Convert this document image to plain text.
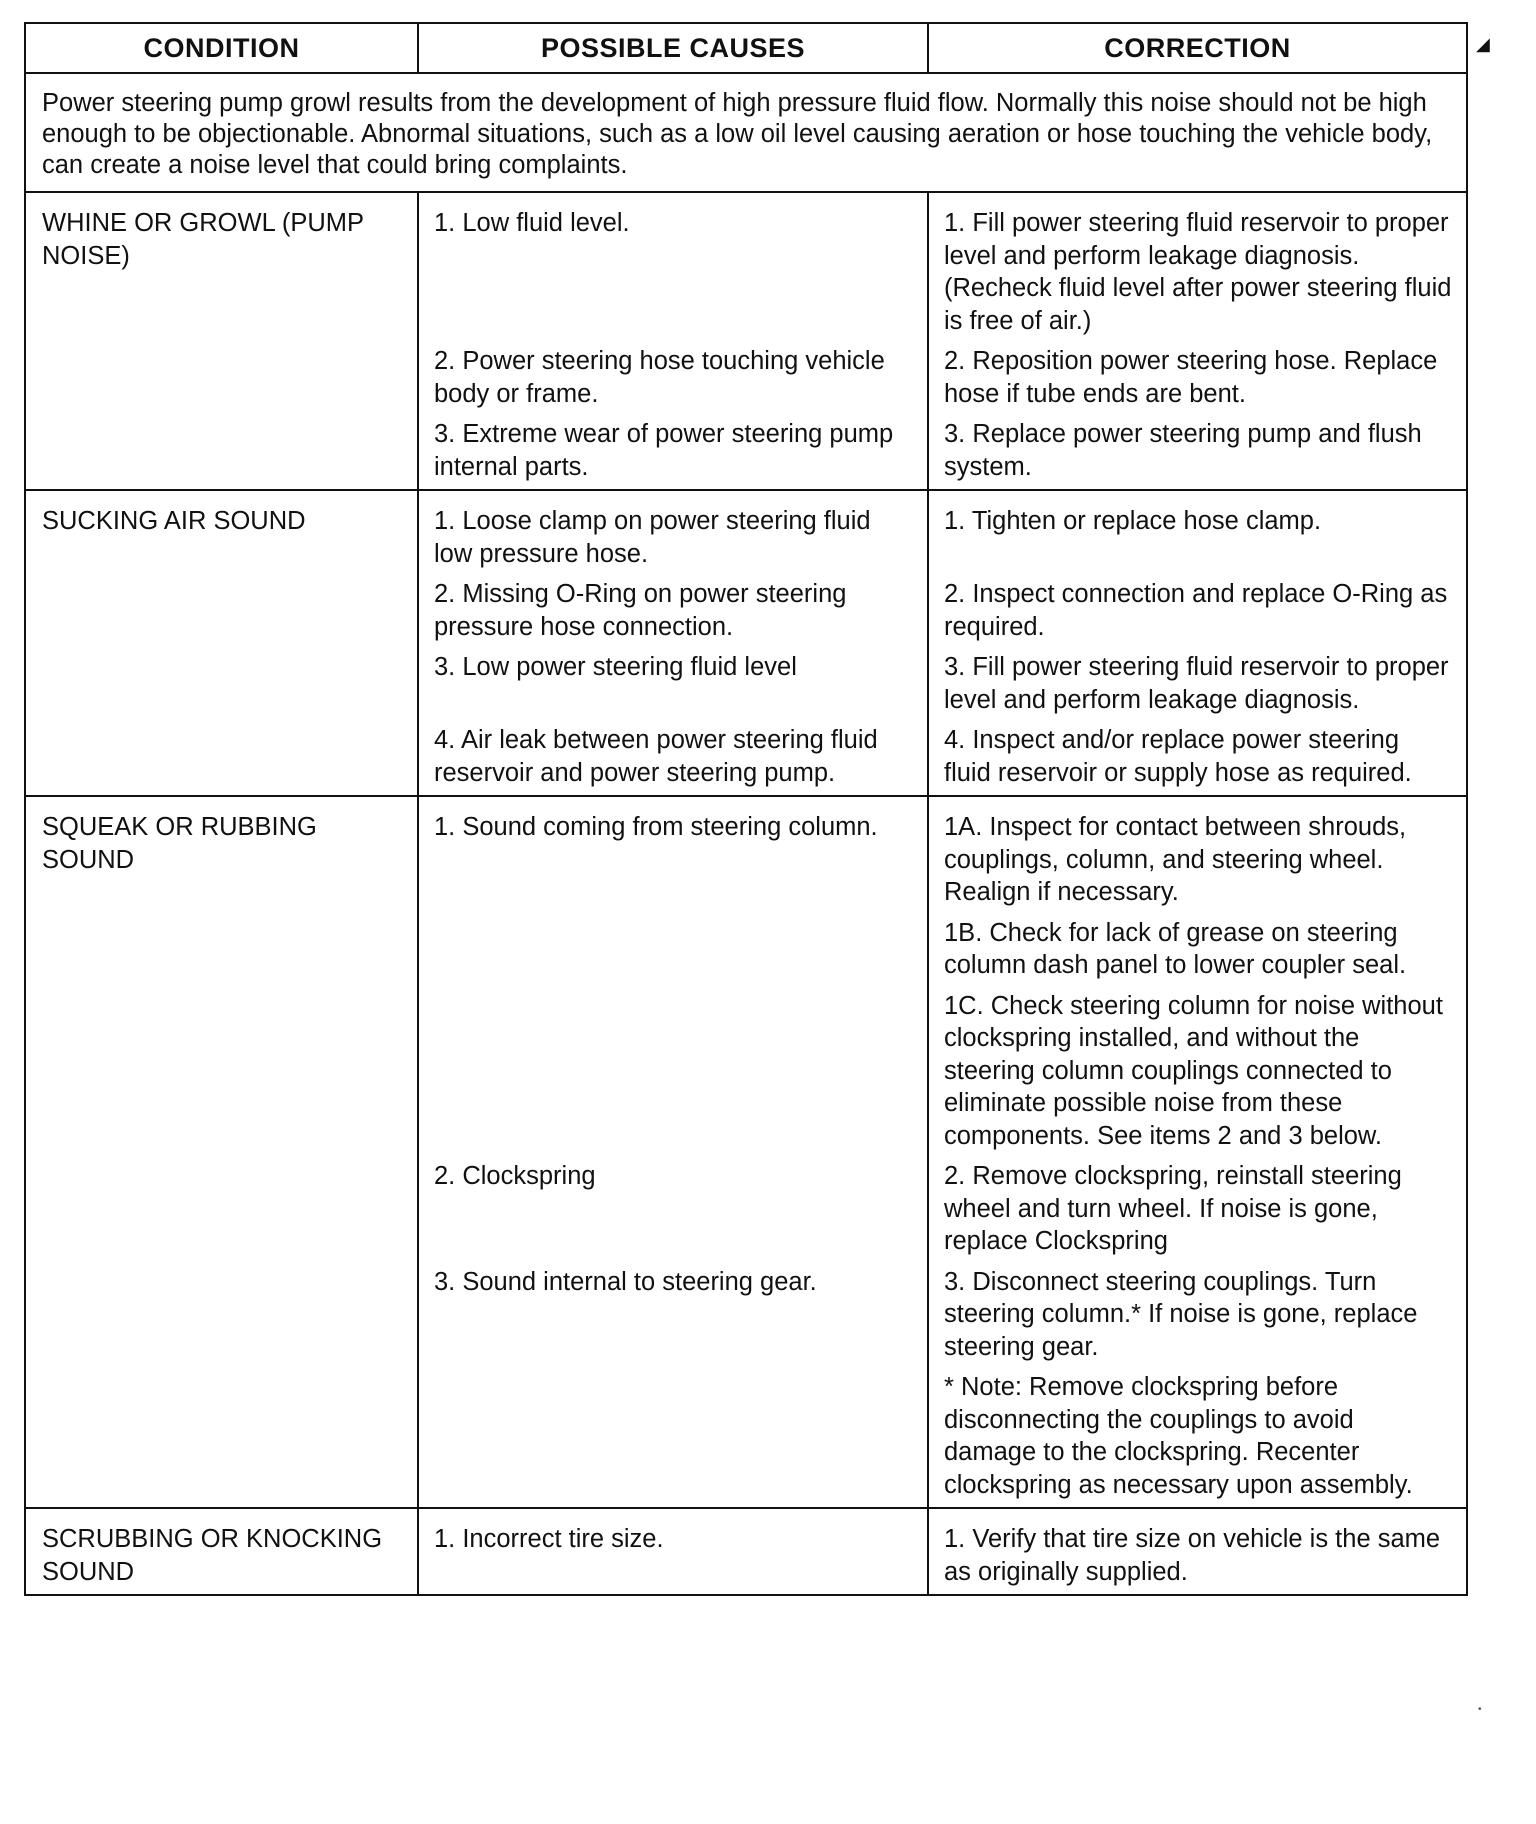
CONDITION	POSSIBLE CAUSES	CORRECTION
Power steering pump growl results from the development of high pressure fluid flow. Normally this noise should not be high enough to be objectionable. Abnormal situations, such as a low oil level causing aeration or hose touching the vehicle body, can create a noise level that could bring complaints.		
WHINE OR GROWL (PUMP NOISE)	1. Low fluid level.	1. Fill power steering fluid reservoir to proper level and perform leakage diagnosis. (Recheck fluid level after power steering fluid is free of air.)
	2. Power steering hose touching vehicle body or frame.	2. Reposition power steering hose. Replace hose if tube ends are bent.
	3. Extreme wear of power steering pump internal parts.	3. Replace power steering pump and flush system.
SUCKING AIR SOUND	1. Loose clamp on power steering fluid low pressure hose.	1. Tighten or replace hose clamp.
	2. Missing O-Ring on power steering pressure hose connection.	2. Inspect connection and replace O-Ring as required.
	3. Low power steering fluid level	3. Fill power steering fluid reservoir to proper level and perform leakage diagnosis.
	4. Air leak between power steering fluid reservoir and power steering pump.	4. Inspect and/or replace power steering fluid reservoir or supply hose as required.
SQUEAK OR RUBBING SOUND	1. Sound coming from steering column.	1A. Inspect for contact between shrouds, couplings, column, and steering wheel. Realign if necessary.
		1B. Check for lack of grease on steering column dash panel to lower coupler seal.
		1C. Check steering column for noise without clockspring installed, and without the steering column couplings connected to eliminate possible noise from these components. See items 2 and 3 below.
	2. Clockspring	2. Remove clockspring, reinstall steering wheel and turn wheel. If noise is gone, replace Clockspring
	3. Sound internal to steering gear.	3. Disconnect steering couplings. Turn steering column.* If noise is gone, replace steering gear.
		* Note: Remove clockspring before disconnecting the couplings to avoid damage to the clockspring. Recenter clockspring as necessary upon assembly.
SCRUBBING OR KNOCKING SOUND	1. Incorrect tire size.	1. Verify that tire size on vehicle is the same as originally supplied.
◢
•
